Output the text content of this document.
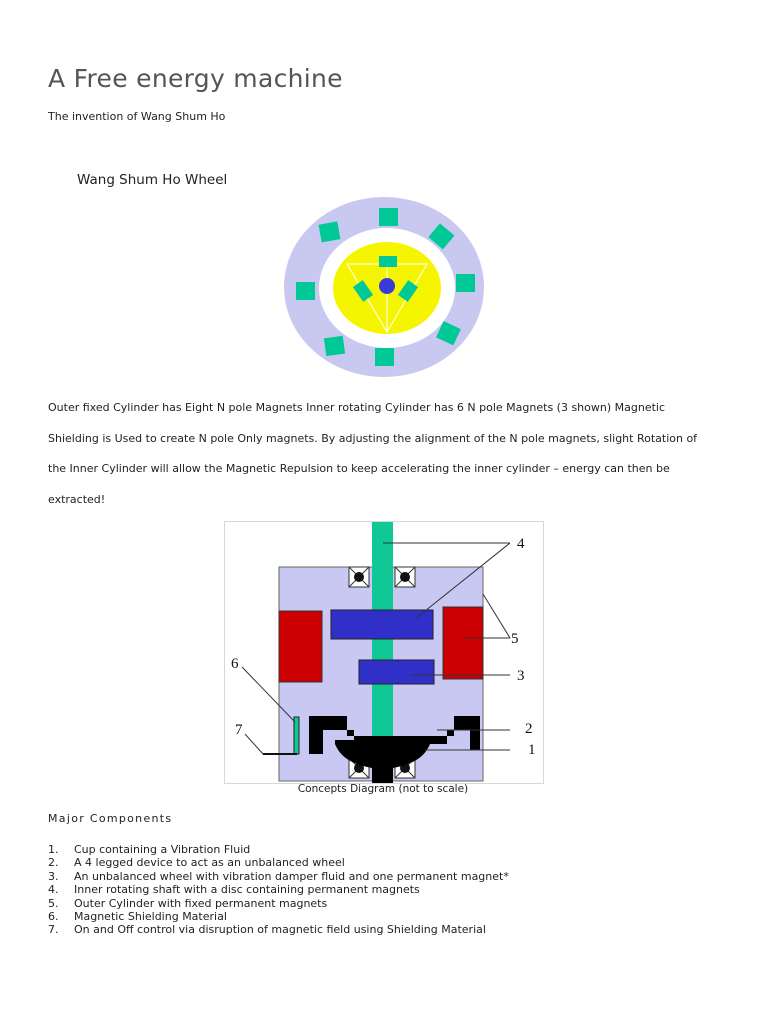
A Free energy machine
The invention of Wang Shum Ho
Wang Shum Ho Wheel
Outer fixed Cylinder has Eight N pole Magnets Inner rotating Cylinder has 6 N pole Magnets (3 shown) Magnetic
Shielding is Used to create N pole Only magnets. By adjusting the alignment of the N pole magnets, slight Rotation of
the Inner Cylinder will allow the Magnetic Repulsion to keep accelerating the inner cylinder – energy can then be
extracted!
4
5
3
2
1
6
7
Concepts Diagram (not to scale)
Major Components
1. Cup containing a Vibration Fluid
2. A 4 legged device to act as an unbalanced wheel
3. An unbalanced wheel with vibration damper fluid and one permanent magnet*
4. Inner rotating shaft with a disc containing permanent magnets
5. Outer Cylinder with fixed permanent magnets
6. Magnetic Shielding Material
7. On and Off control via disruption of magnetic field using Shielding Material
